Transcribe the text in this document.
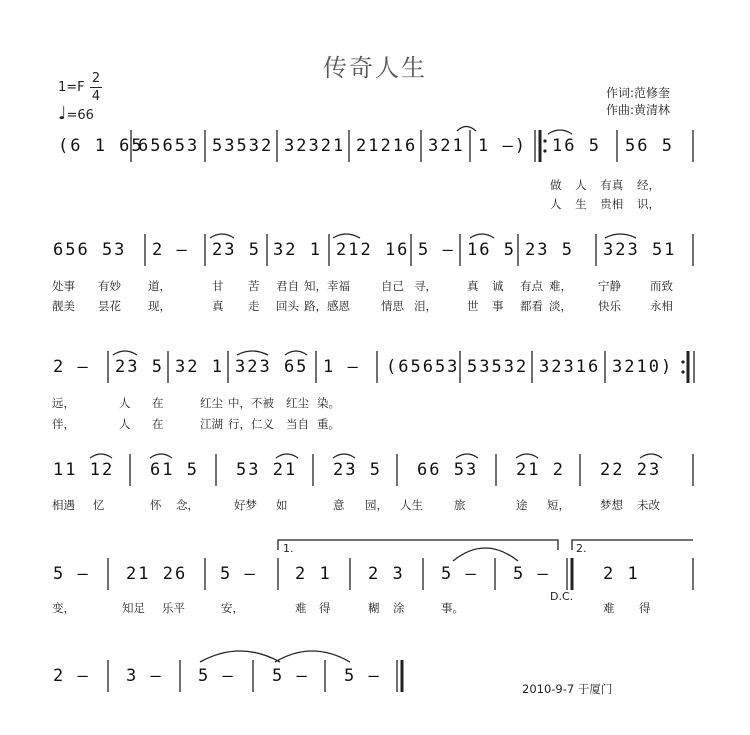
传奇人生
1=F
2
4
♩=66
作词:范修奎
作曲:黄清林
(6 1 65
65653 53532 32321 21216 321 1 –) 16 5 56 5
做 人 有真 经，
人 生 贵相 识，
656 53 2 – 23 5 32 1 212 16 5 – 16 5 23 5 323 51
处事 有妙 道，	甘 苦 君自 知，幸福	自己 寻，	真 诚 有点 难， 宁静	而致
靓美 昙花 现，	真 走 回头 路，感恩	情思 泪，	世 事 都看 淡， 快乐	永相
2 – 23 5 32 1 323 65 1 – (65653 53532 32316 3210)
远，	人 在	红尘 中，不被 红尘 染。
伴，	人 在	江湖 行，仁义 当自 重。
11 12 61 5 53 21 23 5 66 53 21 2 22 23
相遇 忆	怀 念，	好梦 如	意 园， 人生	旅	途 短，	梦想 未改
1.	2.
5 – 21 26 5 – 2 1 2 3 5 – 5 –	2 1
D.C.
变，	知足 乐平	安，	难 得	糊 涂	事。	难 得
2 – 3 – 5 – 5 – 5 –
2010-9-7 于厦门
